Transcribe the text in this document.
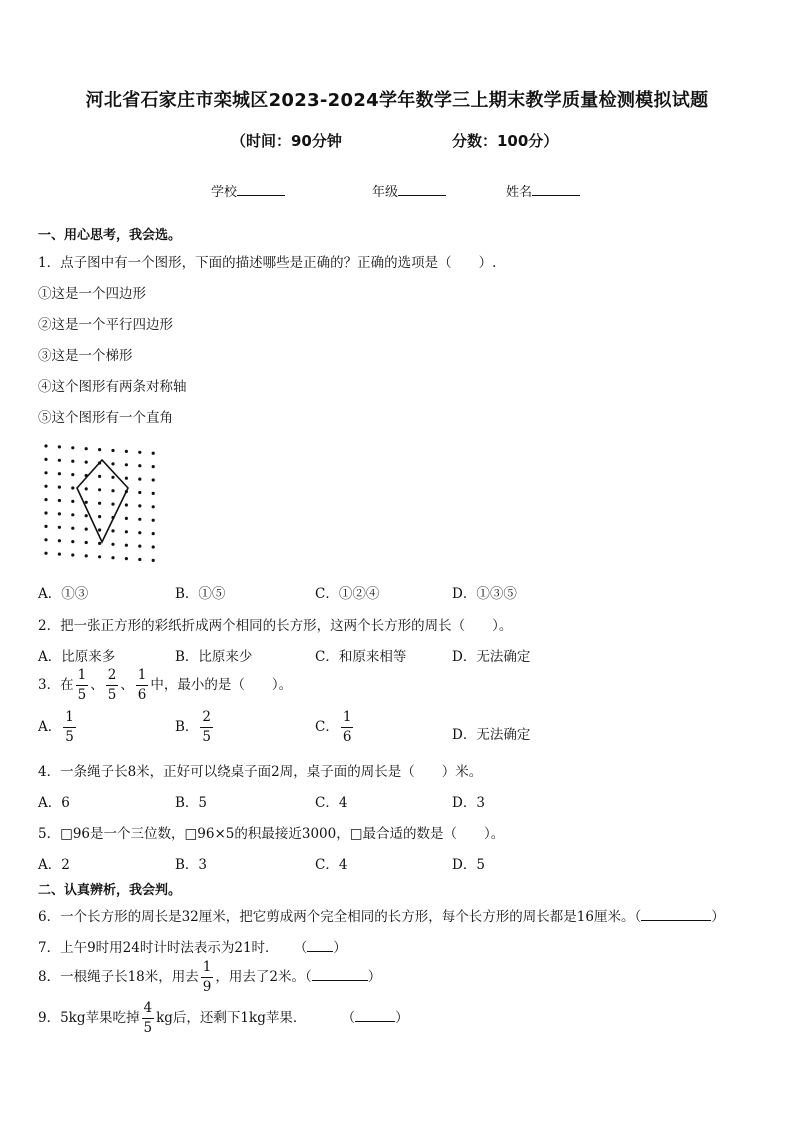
河北省石家庄市栾城区2023-2024学年数学三上期末教学质量检测模拟试题
（时间：90分钟	分数：100分）
学校	年级	姓名
一、用心思考，我会选。
1．点子图中有一个图形，下面的描述哪些是正确的？正确的选项是（　　）.
①这是一个四边形
②这是一个平行四边形
③这是一个梯形
④这个图形有两条对称轴
⑤这个图形有一个直角
A．①③	B．①⑤	C．①②④	D．①③⑤
2．把一张正方形的彩纸折成两个相同的长方形，这两个长方形的周长（　　）。
A．比原来多	B．比原来少	C．和原来相等	D．无法确定
3．在 $\frac{1}{5}$ 、 $\frac{2}{5}$ 、 $\frac{1}{6}$ 中，最小的是（　　）。
A． $\frac{1}{5}$	B． $\frac{2}{5}$	C． $\frac{1}{6}$	D．无法确定
4．一条绳子长8米，正好可以绕桌子面2周，桌子面的周长是（　　）米。
A．6	B．5	C．4	D．3
5．□96是一个三位数，□96×5的积最接近3000，□最合适的数是（　　）。
A．2	B．3	C．4	D．5
二、认真辨析，我会判。
6．一个长方形的周长是32厘米，把它剪成两个完全相同的长方形，每个长方形的周长都是16厘米。（	）
7．上午9时用24时计时法表示为21时． （ ）
8．一根绳子长18米，用去 $\frac{1}{9}$ ，用去了2米。（	）
9．5kg苹果吃掉 $\frac{4}{5}$ kg后，还剩下1kg苹果．	（	）
